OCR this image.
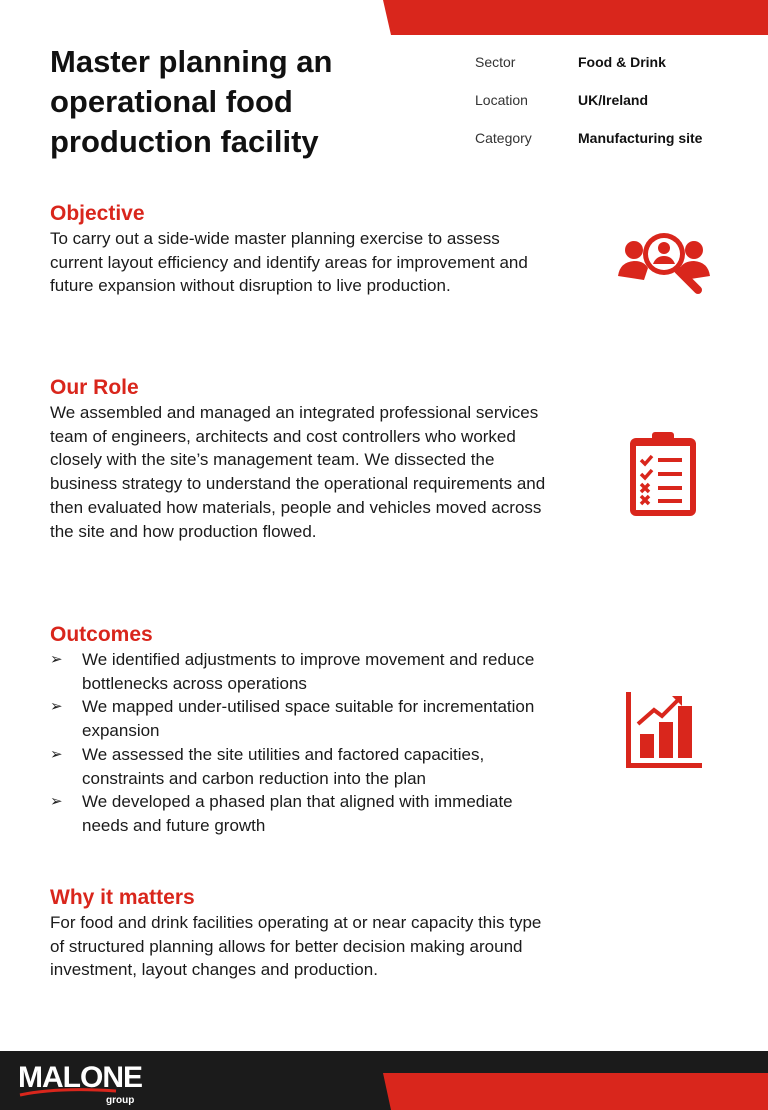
Master planning an operational food production facility
Sector	Food & Drink
Location	UK/Ireland
Category	Manufacturing site
Objective

To carry out a side-wide master planning exercise to assess current layout efficiency and identify areas for improvement and future expansion without disruption to live production.

Our Role

We assembled and managed an integrated professional services team of engineers, architects and cost controllers who worked closely with the site’s management team. We dissected the business strategy to understand the operational requirements and then evaluated how materials, people and vehicles moved across the site and how production flowed.

Outcomes
➢ We identified adjustments to improve movement and reduce bottlenecks across operations
➢ We mapped under-utilised space suitable for incrementation expansion
➢ We assessed the site utilities and factored capacities, constraints and carbon reduction into the plan
➢ We developed a phased plan that aligned with immediate needs and future growth
Why it matters

For food and drink facilities operating at or near capacity this type of structured planning allows for better decision making around investment, layout changes and production.

MALONE
group
